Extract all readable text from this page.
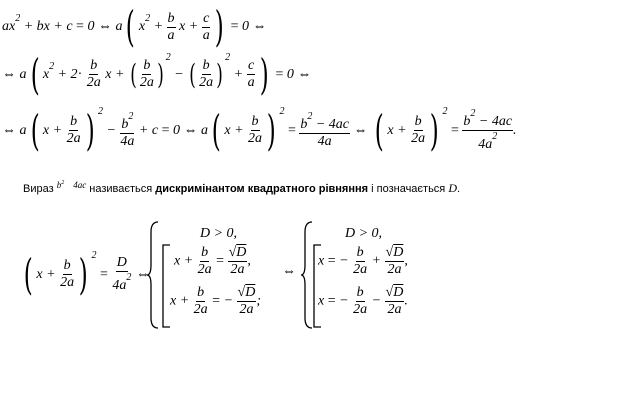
$ax^2$ + bx + c = 0 ⇔ a( $x^2 + \frac{b}{a}$ $x + \frac{c}{a}$ ) = 0 ⇔
⇔ a( $x^2 + 2\cdot \frac{b}{2a}$ x + ( $\frac{b}{2a} )^2$ − ( $\frac{b}{2a} )^2 + \frac{c}{a}$ ) = 0 ⇔
⇔ a( $x + \frac{b}{2a}$ ) $^2 - \frac{b^2}{4a} + c = 0$ ⇔ a( $x + \frac{b}{2a}$ ) $^2 = \frac{b^2 - 4ac}{4a}$ ⇔ ( $x + \frac{b}{2a}$ ) $^2 = \frac{b^2 - 4ac}{4a^2}$ .
Вираз $^{b^2 4ac}$ називається дискримінантом квадратного рівняння і позначається D.
( $x + \frac{b}{2a}$ ) $^2 = \frac{D}{4a^2}$ ⇔
D > 0,
$x + \frac{b}{2a} = \frac{√D}{2a}$ ,
$x + \frac{b}{2a}$ = − $\frac{√D}{2a}$ ;
⇔
D > 0,
x = − $\frac{b}{2a} + \frac{√D}{2a}$ ,
x = − $\frac{b}{2a} - \frac{√D}{2a}$ .
